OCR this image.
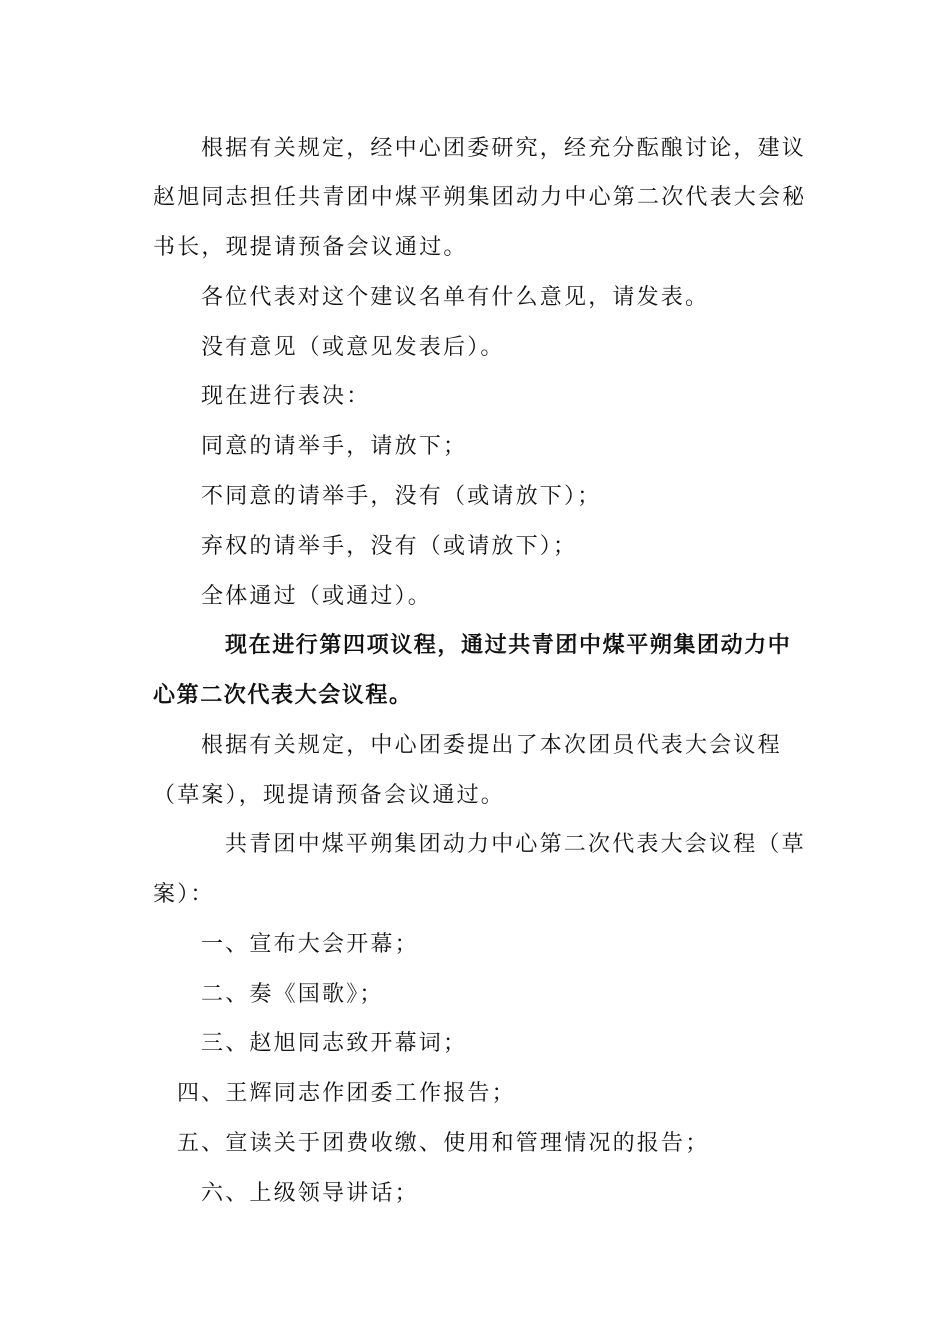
根据有关规定，经中心团委研究，经充分酝酿讨论，建议
赵旭同志担任共青团中煤平朔集团动力中心第二次代表大会秘
书长，现提请预备会议通过。
各位代表对这个建议名单有什么意见，请发表。
没有意见（或意见发表后）。
现在进行表决：
同意的请举手，请放下；
不同意的请举手，没有（或请放下）；
弃权的请举手，没有（或请放下）；
全体通过（或通过）。
现在进行第四项议程，通过共青团中煤平朔集团动力中
心第二次代表大会议程。
根据有关规定，中心团委提出了本次团员代表大会议程
（草案），现提请预备会议通过。
共青团中煤平朔集团动力中心第二次代表大会议程（草
案）：
一、宣布大会开幕；
二、奏《国歌》；
三、赵旭同志致开幕词；
四、王辉同志作团委工作报告；
五、宣读关于团费收缴、使用和管理情况的报告；
六、上级领导讲话；
